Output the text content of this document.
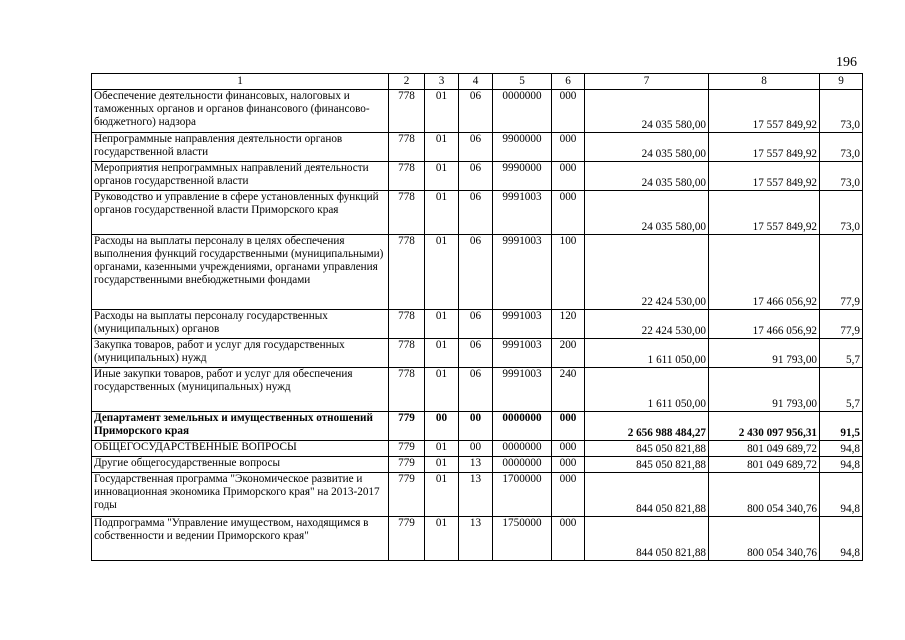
196
1	2	3	4	5	6	7	8	9
Обеспечение деятельности финансовых, налоговых и таможенных органов и органов финансового (финансово-бюджетного) надзора	778	01	06	0000000	000	24 035 580,00	17 557 849,92	73,0
Непрограммные направления деятельности органов государственной власти	778	01	06	9900000	000	24 035 580,00	17 557 849,92	73,0
Мероприятия непрограммных направлений деятельности органов государственной власти	778	01	06	9990000	000	24 035 580,00	17 557 849,92	73,0
Руководство и управление в сфере установленных функций органов государственной власти Приморского края	778	01	06	9991003	000	24 035 580,00	17 557 849,92	73,0
Расходы на выплаты персоналу в целях обеспечения выполнения функций государственными (муниципальными) органами, казенными учреждениями, органами управления государственными внебюджетными фондами	778	01	06	9991003	100	22 424 530,00	17 466 056,92	77,9
Расходы на выплаты персоналу государственных (муниципальных) органов	778	01	06	9991003	120	22 424 530,00	17 466 056,92	77,9
Закупка товаров, работ и услуг для государственных (муниципальных) нужд	778	01	06	9991003	200	1 611 050,00	91 793,00	5,7
Иные закупки товаров, работ и услуг для обеспечения государственных (муниципальных) нужд	778	01	06	9991003	240	1 611 050,00	91 793,00	5,7
Департамент земельных и имущественных отношений Приморского края	779	00	00	0000000	000	2 656 988 484,27	2 430 097 956,31	91,5
ОБЩЕГОСУДАРСТВЕННЫЕ ВОПРОСЫ	779	01	00	0000000	000	845 050 821,88	801 049 689,72	94,8
Другие общегосударственные вопросы	779	01	13	0000000	000	845 050 821,88	801 049 689,72	94,8
Государственная программа "Экономическое развитие и инновационная экономика Приморского края" на 2013-2017 годы	779	01	13	1700000	000	844 050 821,88	800 054 340,76	94,8
Подпрограмма "Управление имуществом, находящимся в собственности и ведении Приморского края"	779	01	13	1750000	000	844 050 821,88	800 054 340,76	94,8
